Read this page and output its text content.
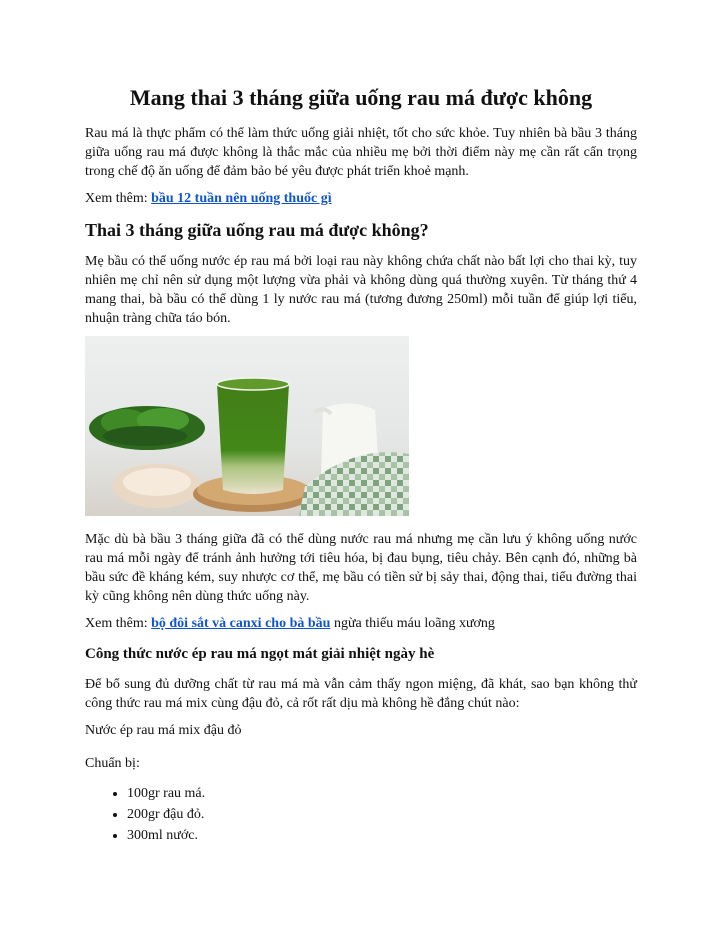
Mang thai 3 tháng giữa uống rau má được không

Rau má là thực phẩm có thể làm thức uống giải nhiệt, tốt cho sức khỏe. Tuy nhiên bà bầu 3 tháng giữa uống rau má được không là thắc mắc của nhiều mẹ bởi thời điểm này mẹ cần rất cẩn trọng trong chế độ ăn uống để đảm bảo bé yêu được phát triển khoẻ mạnh.

Xem thêm: bầu 12 tuần nên uống thuốc gì

Thai 3 tháng giữa uống rau má được không?

Mẹ bầu có thể uống nước ép rau má bởi loại rau này không chứa chất nào bất lợi cho thai kỳ, tuy nhiên mẹ chỉ nên sử dụng một lượng vừa phải và không dùng quá thường xuyên. Từ tháng thứ 4 mang thai, bà bầu có thể dùng 1 ly nước rau má (tương đương 250ml) mỗi tuần để giúp lợi tiểu, nhuận tràng chữa táo bón.

Mặc dù bà bầu 3 tháng giữa đã có thể dùng nước rau má nhưng mẹ cần lưu ý không uống nước rau má mỗi ngày để tránh ảnh hưởng tới tiêu hóa, bị đau bụng, tiêu chảy. Bên cạnh đó, những bà bầu sức đề kháng kém, suy nhược cơ thể, mẹ bầu có tiền sử bị sảy thai, động thai, tiểu đường thai kỳ cũng không nên dùng thức uống này.

Xem thêm: bộ đôi sắt và canxi cho bà bầu ngừa thiếu máu loãng xương

Công thức nước ép rau má ngọt mát giải nhiệt ngày hè

Để bổ sung đủ dưỡng chất từ rau má mà vẫn cảm thấy ngon miệng, đã khát, sao bạn không thử công thức rau má mix cùng đậu đỏ, cả rốt rất dịu mà không hề đắng chút nào:

Nước ép rau má mix đậu đỏ

Chuẩn bị:

• 100gr rau má.
• 200gr đậu đỏ.
• 300ml nước.
